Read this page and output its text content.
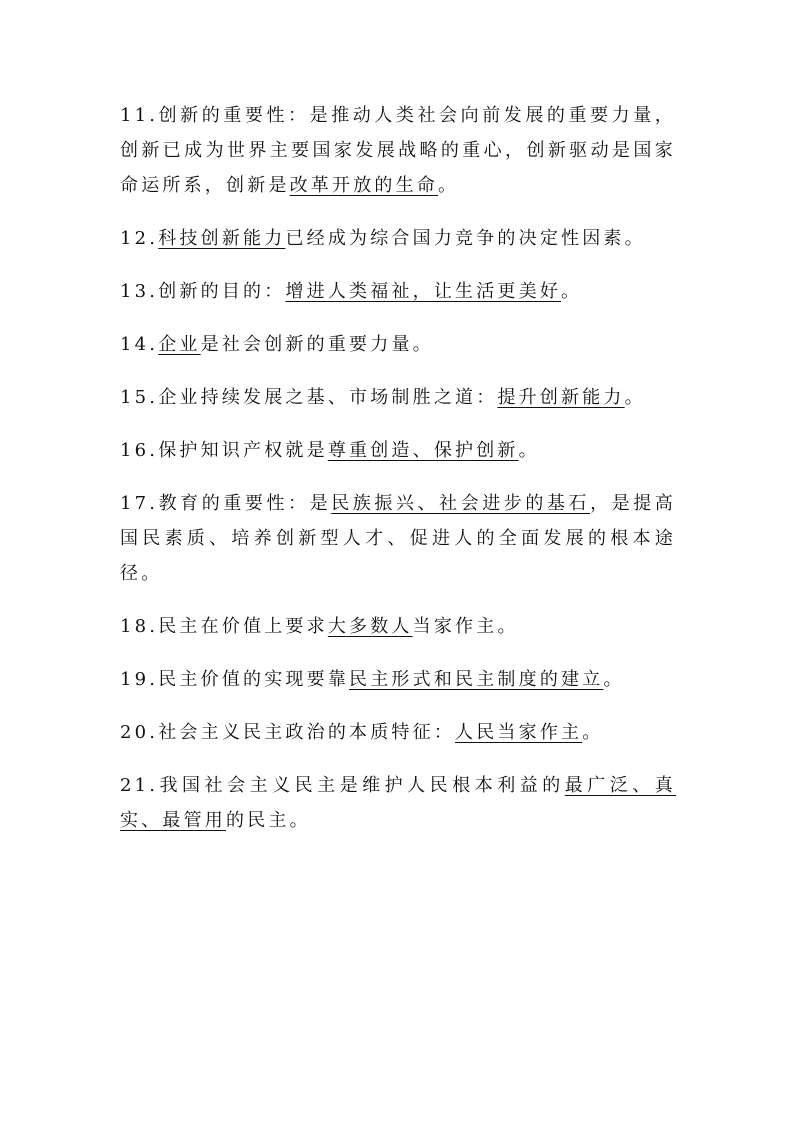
11.创新的重要性：是推动人类社会向前发展的重要力量，创新已成为世界主要国家发展战略的重心，创新驱动是国家命运所系，创新是改革开放的生命。

12.科技创新能力已经成为综合国力竞争的决定性因素。

13.创新的目的：增进人类福祉，让生活更美好。

14.企业是社会创新的重要力量。

15.企业持续发展之基、市场制胜之道：提升创新能力。

16.保护知识产权就是尊重创造、保护创新。

17.教育的重要性：是民族振兴、社会进步的基石，是提高国民素质、培养创新型人才、促进人的全面发展的根本途径。

18.民主在价值上要求大多数人当家作主。

19.民主价值的实现要靠民主形式和民主制度的建立。

20.社会主义民主政治的本质特征：人民当家作主。

21.我国社会主义民主是维护人民根本利益的最广泛、真实、最管用的民主。
